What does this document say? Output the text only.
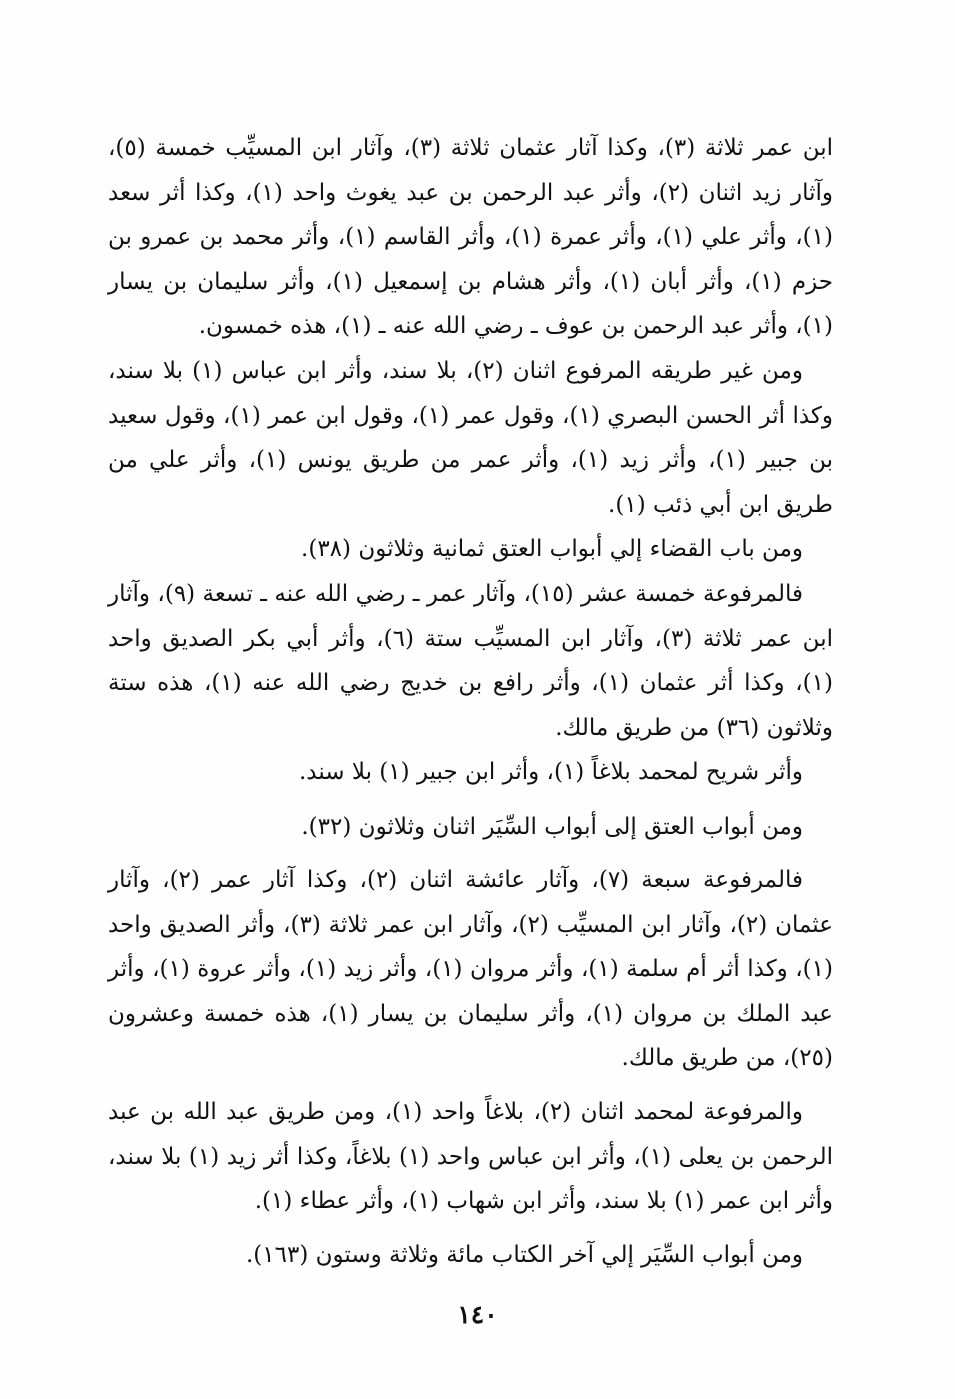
ابن عمر ثلاثة (٣)، وكذا آثار عثمان ثلاثة (٣)، وآثار ابن المسيِّب خمسة (٥)، وآثار زيد اثنان (٢)، وأثر عبد الرحمن بن عبد يغوث واحد (١)، وكذا أثر سعد (١)، وأثر علي (١)، وأثر عمرة (١)، وأثر القاسم (١)، وأثر محمد بن عمرو بن حزم (١)، وأثر أبان (١)، وأثر هشام بن إسمعيل (١)، وأثر سليمان بن يسار (١)، وأثر عبد الرحمن بن عوف ـ رضي الله عنه ـ (١)، هذه خمسون.

ومن غير طريقه المرفوع اثنان (٢)، بلا سند، وأثر ابن عباس (١) بلا سند، وكذا أثر الحسن البصري (١)، وقول عمر (١)، وقول ابن عمر (١)، وقول سعيد بن جبير (١)، وأثر زيد (١)، وأثر عمر من طريق يونس (١)، وأثر علي من طريق ابن أبي ذئب (١).

ومن باب القضاء إلي أبواب العتق ثمانية وثلاثون (٣٨).

فالمرفوعة خمسة عشر (١٥)، وآثار عمر ـ رضي الله عنه ـ تسعة (٩)، وآثار ابن عمر ثلاثة (٣)، وآثار ابن المسيِّب ستة (٦)، وأثر أبي بكر الصديق واحد (١)، وكذا أثر عثمان (١)، وأثر رافع بن خديج رضي الله عنه (١)، هذه ستة وثلاثون (٣٦) من طريق مالك.

وأثر شريح لمحمد بلاغاً (١)، وأثر ابن جبير (١) بلا سند.

ومن أبواب العتق إلى أبواب السِّيَر اثنان وثلاثون (٣٢).

فالمرفوعة سبعة (٧)، وآثار عائشة اثنان (٢)، وكذا آثار عمر (٢)، وآثار عثمان (٢)، وآثار ابن المسيِّب (٢)، وآثار ابن عمر ثلاثة (٣)، وأثر الصديق واحد (١)، وكذا أثر أم سلمة (١)، وأثر مروان (١)، وأثر زيد (١)، وأثر عروة (١)، وأثر عبد الملك بن مروان (١)، وأثر سليمان بن يسار (١)، هذه خمسة وعشرون (٢٥)، من طريق مالك.

والمرفوعة لمحمد اثنان (٢)، بلاغاً واحد (١)، ومن طريق عبد الله بن عبد الرحمن بن يعلى (١)، وأثر ابن عباس واحد (١) بلاغاً، وكذا أثر زيد (١) بلا سند، وأثر ابن عمر (١) بلا سند، وأثر ابن شهاب (١)، وأثر عطاء (١).

ومن أبواب السِّيَر إلي آخر الكتاب مائة وثلاثة وستون (١٦٣).

١٤٠
